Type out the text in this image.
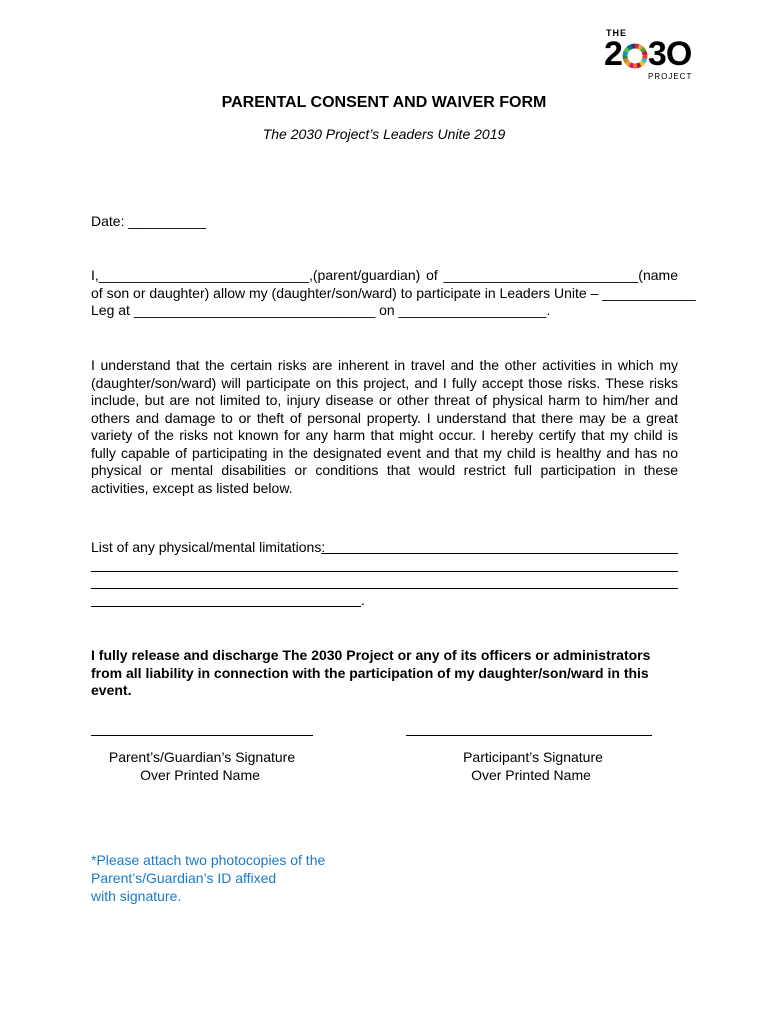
THE
2 3O
PROJECT
PARENTAL CONSENT AND WAIVER FORM
The 2030 Project’s Leaders Unite 2019
Date: __________
I,___________________________,(parent/guardian) of _________________________(name
of son or daughter) allow my (daughter/son/ward) to participate in Leaders Unite – ____________
Leg at _______________________________ on ___________________.
I understand that the certain risks are inherent in travel and the other activities in which my (daughter/son/ward) will participate on this project, and I fully accept those risks. These risks include, but are not limited to, injury disease or other threat of physical harm to him/her and others and damage to or theft of personal property. I understand that there may be a great variety of the risks not known for any harm that might occur. I hereby certify that my child is fully capable of participating in the designated event and that my child is healthy and has no physical or mental disabilities or conditions that would restrict full participation in these activities, except as listed below.
List of any physical/mental limitations:
.
I fully release and discharge The 2030 Project or any of its officers or administrators from all liability in connection with the participation of my daughter/son/ward in this event.
Parent’s/Guardian’s Signature
Over Printed Name
Participant’s Signature
Over Printed Name
*Please attach two photocopies of the
Parent’s/Guardian’s ID affixed
with signature.
